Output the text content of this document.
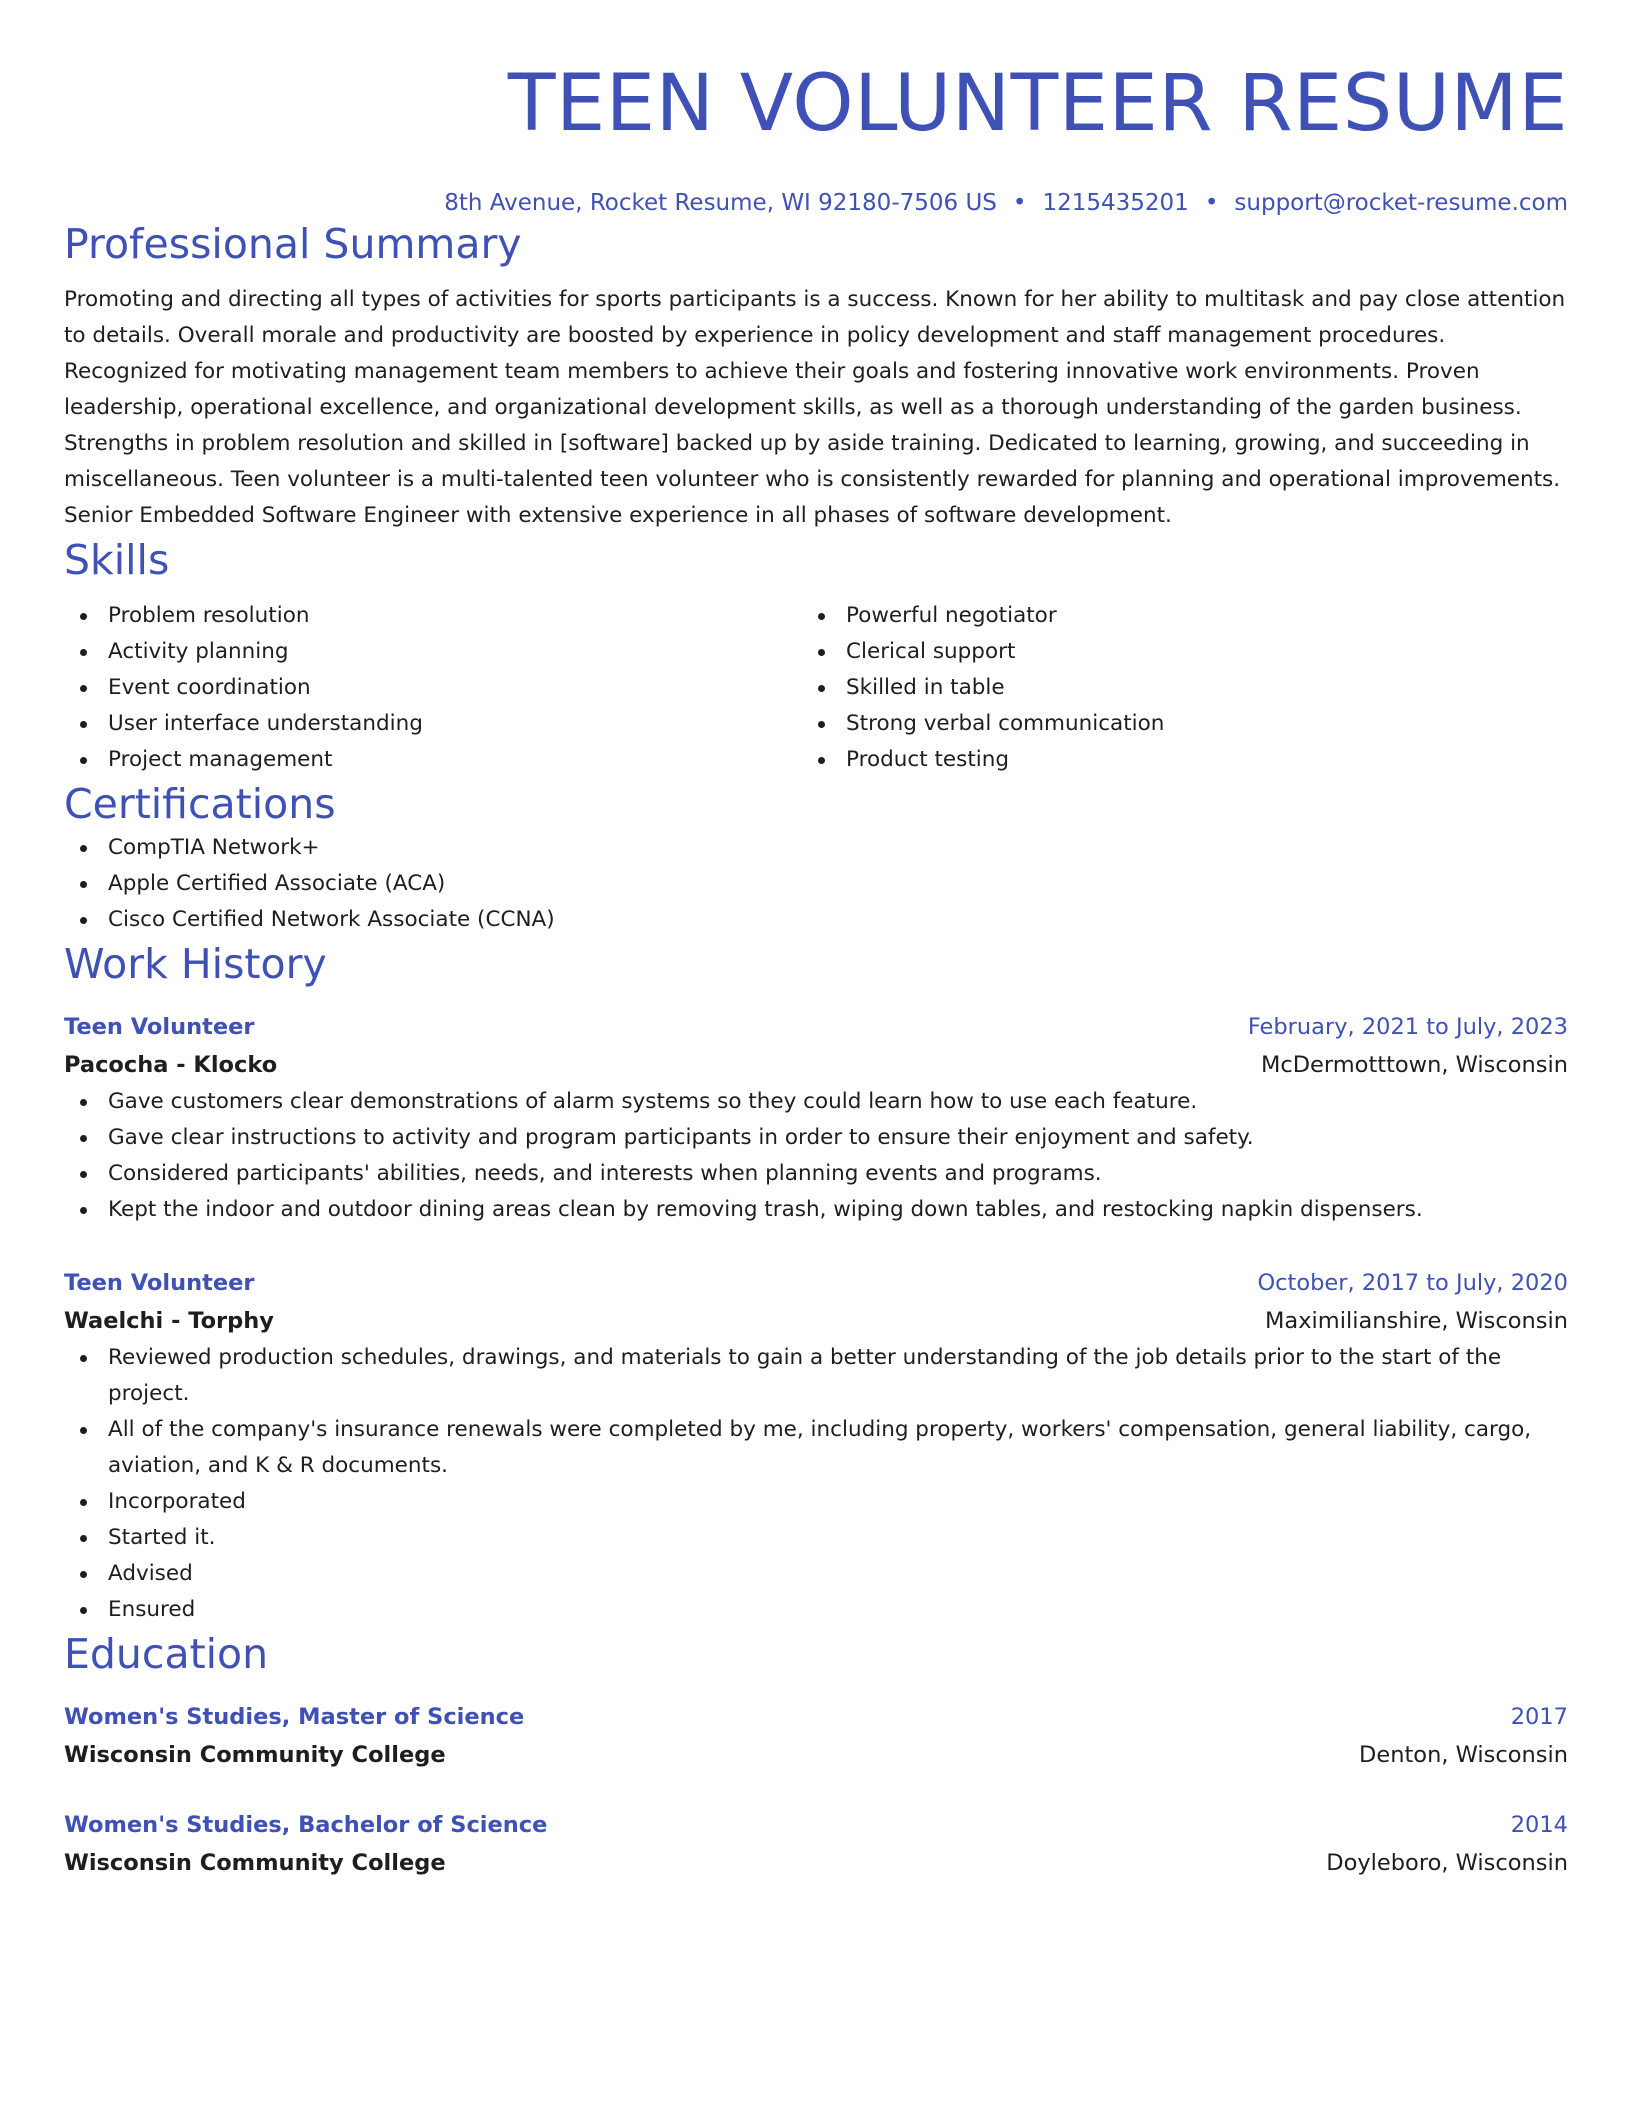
TEEN VOLUNTEER RESUME
8th Avenue, Rocket Resume, WI 92180-7506 US • 1215435201 • support@rocket-resume.com
Professional Summary
Promoting and directing all types of activities for sports participants is a success. Known for her ability to multitask and pay close attention to details. Overall morale and productivity are boosted by experience in policy development and staff management procedures. Recognized for motivating management team members to achieve their goals and fostering innovative work environments. Proven leadership, operational excellence, and organizational development skills, as well as a thorough understanding of the garden business. Strengths in problem resolution and skilled in [software] backed up by aside training. Dedicated to learning, growing, and succeeding in miscellaneous. Teen volunteer is a multi-talented teen volunteer who is consistently rewarded for planning and operational improvements. Senior Embedded Software Engineer with extensive experience in all phases of software development.
Skills
Problem resolution
Activity planning
Event coordination
User interface understanding
Project management
Powerful negotiator
Clerical support
Skilled in table
Strong verbal communication
Product testing
Certifications
CompTIA Network+
Apple Certified Associate (ACA)
Cisco Certified Network Associate (CCNA)
Work History
Teen Volunteer	February, 2021 to July, 2023
Pacocha - Klocko	McDermotttown, Wisconsin
Gave customers clear demonstrations of alarm systems so they could learn how to use each feature.
Gave clear instructions to activity and program participants in order to ensure their enjoyment and safety.
Considered participants' abilities, needs, and interests when planning events and programs.
Kept the indoor and outdoor dining areas clean by removing trash, wiping down tables, and restocking napkin dispensers.
Teen Volunteer	October, 2017 to July, 2020
Waelchi - Torphy	Maximilianshire, Wisconsin
Reviewed production schedules, drawings, and materials to gain a better understanding of the job details prior to the start of the project.
All of the company's insurance renewals were completed by me, including property, workers' compensation, general liability, cargo, aviation, and K & R documents.
Incorporated
Started it.
Advised
Ensured
Education
Women's Studies, Master of Science	2017
Wisconsin Community College	Denton, Wisconsin
Women's Studies, Bachelor of Science	2014
Wisconsin Community College	Doyleboro, Wisconsin
